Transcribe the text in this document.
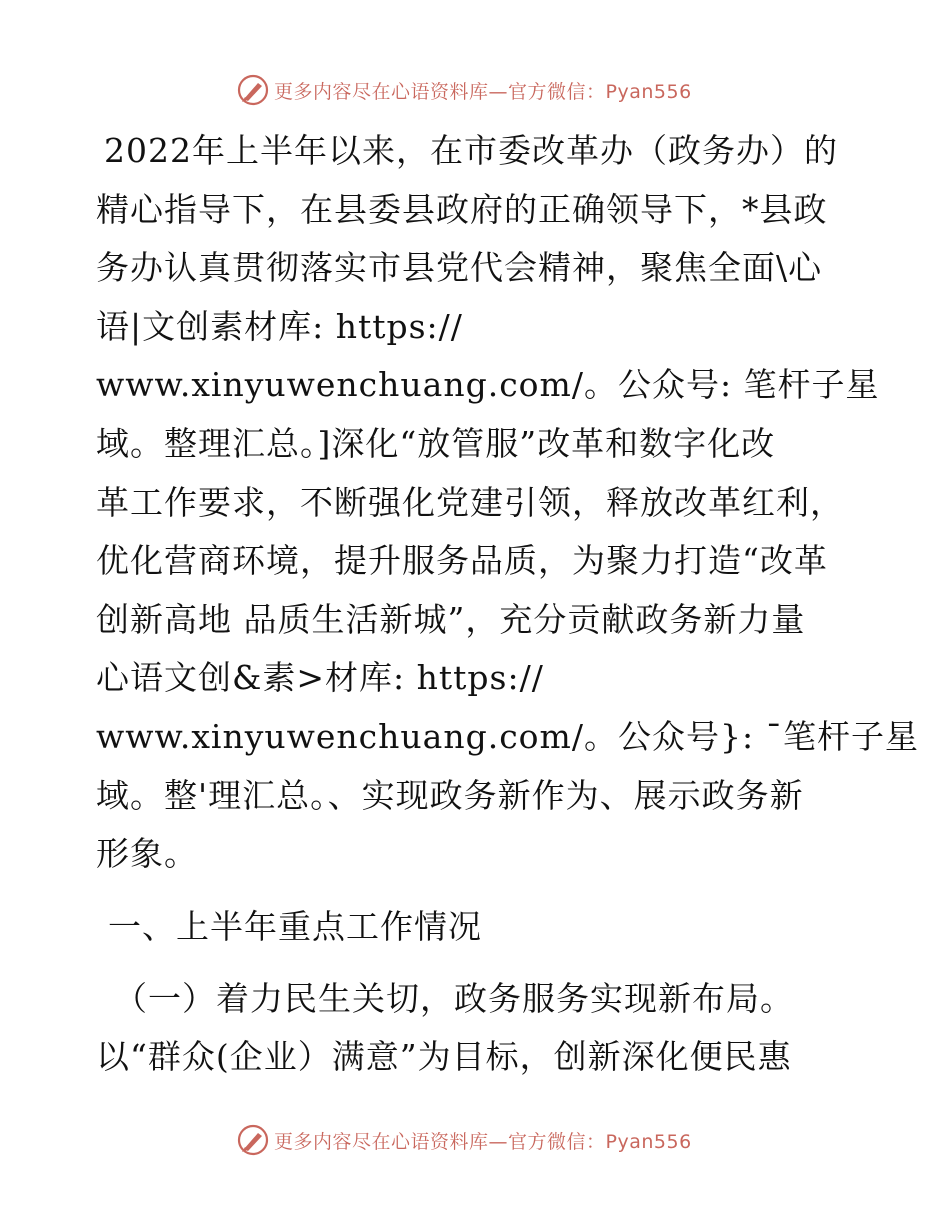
更多内容尽在心语资料库—官方微信：Pyan556
2022年上半年以来，在市委改革办（政务办）的
精心指导下，在县委县政府的正确领导下，*县政
务办认真贯彻落实市县党代会精神，聚焦全面\心
语|文创素材库: https://
www.xinyuwenchuang.com/。公众号: 笔杆子星
域。整理汇总。]深化“放管服”改革和数字化改
革工作要求，不断强化党建引领，释放改革红利，
优化营商环境，提升服务品质，为聚力打造“改革
创新高地 品质生活新城”，充分贡献政务新力量
心语文创&素>材库: https://
www.xinyuwenchuang.com/。公众号}: ¯笔杆子星
域。整'理汇总。、实现政务新作为、展示政务新
形象。
一、上半年重点工作情况
（一）着力民生关切，政务服务实现新布局。
以“群众(企业）满意”为目标，创新深化便民惠
更多内容尽在心语资料库—官方微信：Pyan556
